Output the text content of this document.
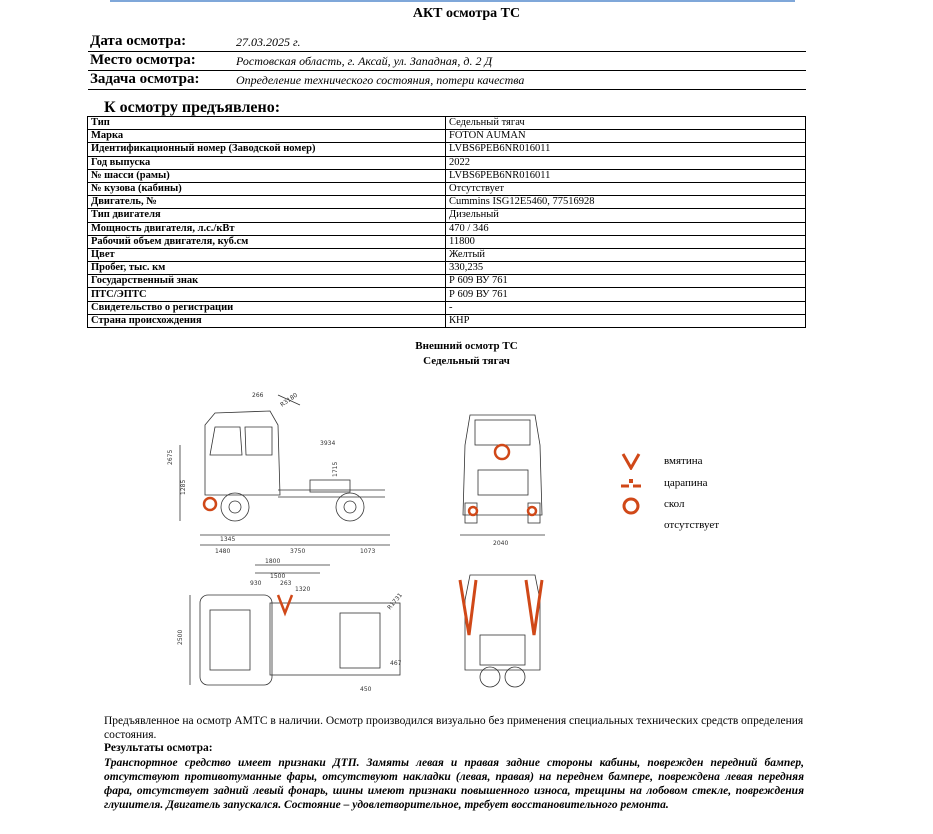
АКТ осмотра ТС
Дата осмотра:	27.03.2025 г.
Место осмотра:	Ростовская область, г. Аксай, ул. Западная, д. 2 Д
Задача осмотра:	Определение технического состояния, потери качества
К осмотру предъявлено:
Тип	Седельный тягач
Марка	FOTON AUMAN
Идентификационный номер (Заводской номер)	LVBS6PEB6NR016011
Год выпуска	2022
№ шасси (рамы)	LVBS6PEB6NR016011
№ кузова (кабины)	Отсутствует
Двигатель, №	Cummins ISG12E5460, 77516928
Тип двигателя	Дизельный
Мощность двигателя, л.с./кВт	470 / 346
Рабочий объем двигателя, куб.см	11800
Цвет	Желтый
Пробег, тыс. км	330,235
Государственный знак	Р 609 ВУ 761
ПТС/ЭПТС	Р 609 ВУ 761
Свидетельство о регистрации	-
Страна происхождения	КНР
Внешний осмотр ТС
Седельный тягач
266	R3180
3934
2675
1715
1285
1345
1480	3750	1073
2040
2500
1800
1500
930	263
1320
467
R1731
450
вмятина
царапина
скол
отсутствует
Предъявленное на осмотр АМТС в наличии. Осмотр производился визуально без применения специальных технических средств определения состояния.
Результаты осмотра:
Транспортное средство имеет признаки ДТП. Замяты левая и правая задние стороны кабины, поврежден передний бампер, отсутствуют противотуманные фары, отсутствуют накладки (левая, правая) на переднем бампере, повреждена левая передняя фара, отсутствует задний левый фонарь, шины имеют признаки повышенного износа, трещины на лобовом стекле, повреждения глушителя. Двигатель запускался. Состояние – удовлетворительное, требует восстановительного ремонта.
